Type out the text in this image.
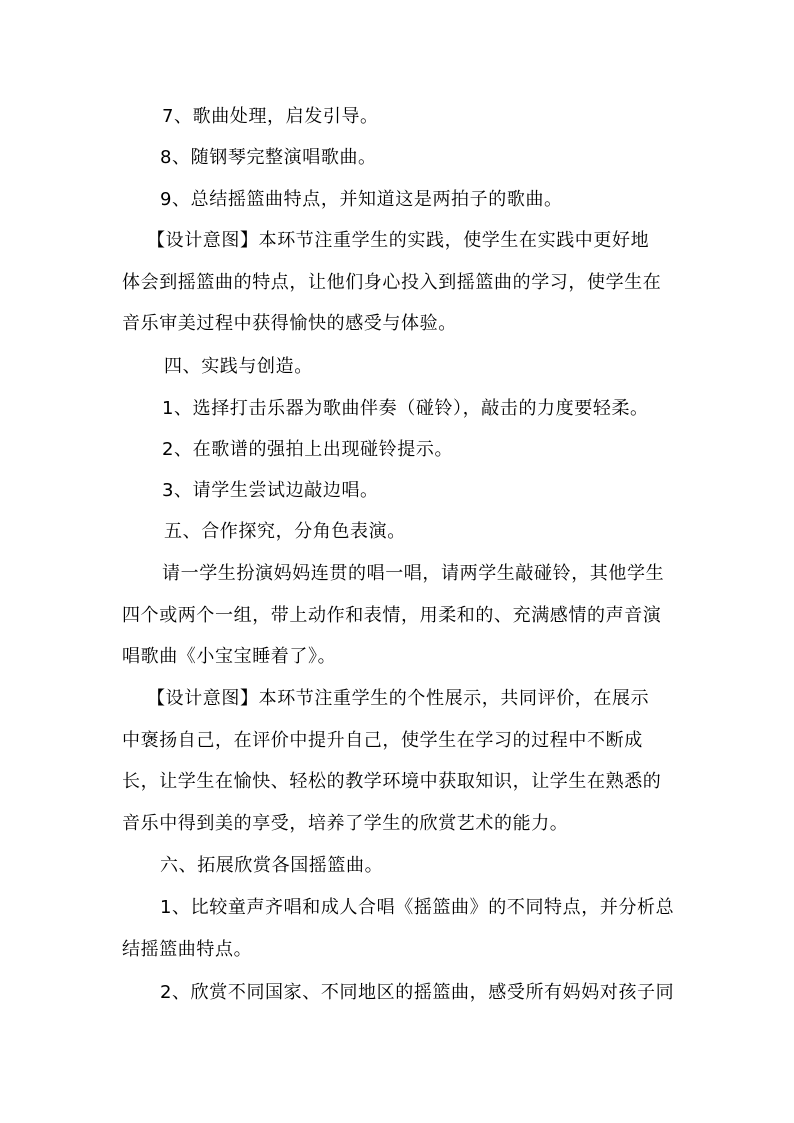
7、歌曲处理，启发引导。
8、随钢琴完整演唱歌曲。
9、总结摇篮曲特点，并知道这是两拍子的歌曲。
【设计意图】本环节注重学生的实践，使学生在实践中更好地
体会到摇篮曲的特点，让他们身心投入到摇篮曲的学习，使学生在
音乐审美过程中获得愉快的感受与体验。
四、实践与创造。
1、选择打击乐器为歌曲伴奏（碰铃），敲击的力度要轻柔。
2、在歌谱的强拍上出现碰铃提示。
3、请学生尝试边敲边唱。
五、合作探究，分角色表演。
请一学生扮演妈妈连贯的唱一唱，请两学生敲碰铃，其他学生
四个或两个一组，带上动作和表情，用柔和的、充满感情的声音演
唱歌曲《小宝宝睡着了》。
【设计意图】本环节注重学生的个性展示，共同评价，在展示
中褒扬自己，在评价中提升自己，使学生在学习的过程中不断成
长，让学生在愉快、轻松的教学环境中获取知识，让学生在熟悉的
音乐中得到美的享受，培养了学生的欣赏艺术的能力。
六、拓展欣赏各国摇篮曲。
1、比较童声齐唱和成人合唱《摇篮曲》的不同特点，并分析总
结摇篮曲特点。
2、欣赏不同国家、不同地区的摇篮曲，感受所有妈妈对孩子同
